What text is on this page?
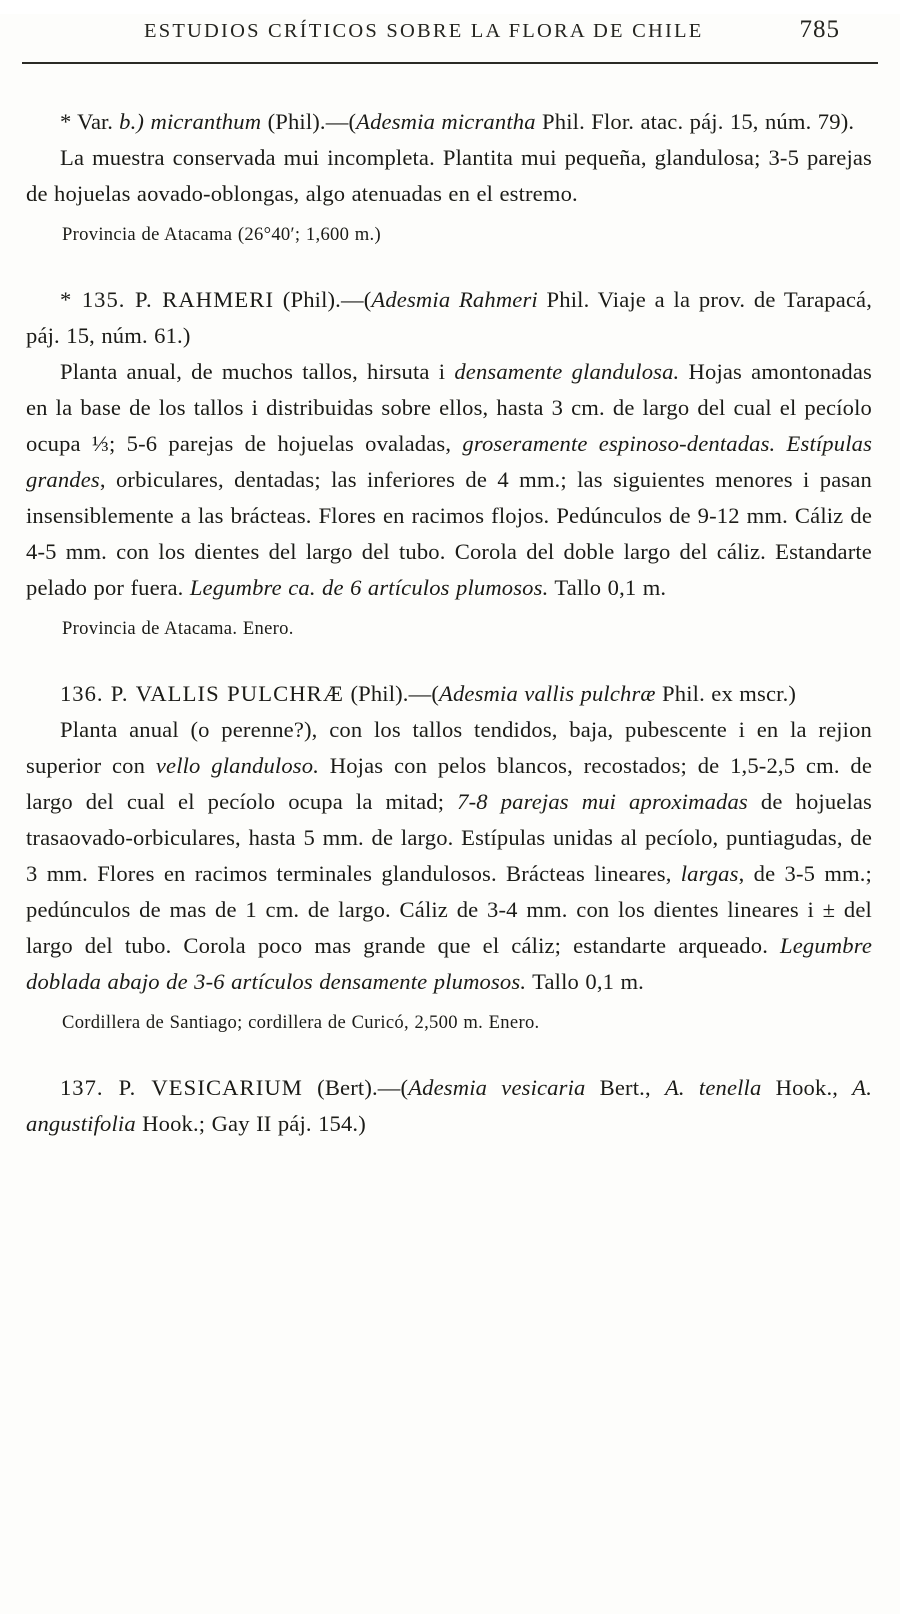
ESTUDIOS CRÍTICOS SOBRE LA FLORA DE CHILE	785

* Var. b.) micranthum (Phil).—(Adesmia micrantha Phil. Flor. atac. páj. 15, núm. 79).

La muestra conservada mui incompleta. Plantita mui pequeña, glandulosa; 3-5 parejas de hojuelas aovado-oblongas, algo atenuadas en el estremo.

Provincia de Atacama (26°40′; 1,600 m.)

* 135. P. RAHMERI (Phil).—(Adesmia Rahmeri Phil. Viaje a la prov. de Tarapacá, páj. 15, núm. 61.)

Planta anual, de muchos tallos, hirsuta i densamente glandulosa. Hojas amontonadas en la base de los tallos i distribuidas sobre ellos, hasta 3 cm. de largo del cual el pecíolo ocupa ⅓; 5-6 parejas de hojuelas ovaladas, groseramente espinoso-dentadas. Estípulas grandes, orbiculares, dentadas; las inferiores de 4 mm.; las siguientes menores i pasan insensiblemente a las brácteas. Flores en racimos flojos. Pedúnculos de 9-12 mm. Cáliz de 4-5 mm. con los dientes del largo del tubo. Corola del doble largo del cáliz. Estandarte pelado por fuera. Legumbre ca. de 6 artículos plumosos. Tallo 0,1 m.

Provincia de Atacama. Enero.

136. P. VALLIS PULCHRÆ (Phil).—(Adesmia vallis pulchræ Phil. ex mscr.)

Planta anual (o perenne?), con los tallos tendidos, baja, pubescente i en la rejion superior con vello glanduloso. Hojas con pelos blancos, recostados; de 1,5-2,5 cm. de largo del cual el pecíolo ocupa la mitad; 7-8 parejas mui aproximadas de hojuelas trasaovado-orbiculares, hasta 5 mm. de largo. Estípulas unidas al pecíolo, puntiagudas, de 3 mm. Flores en racimos terminales glandulosos. Brácteas lineares, largas, de 3-5 mm.; pedúnculos de mas de 1 cm. de largo. Cáliz de 3-4 mm. con los dientes lineares i ± del largo del tubo. Corola poco mas grande que el cáliz; estandarte arqueado. Legumbre doblada abajo de 3-6 artículos densamente plumosos. Tallo 0,1 m.

Cordillera de Santiago; cordillera de Curicó, 2,500 m. Enero.

137. P. VESICARIUM (Bert).—(Adesmia vesicaria Bert., A. tenella Hook., A. angustifolia Hook.; Gay II páj. 154.)
